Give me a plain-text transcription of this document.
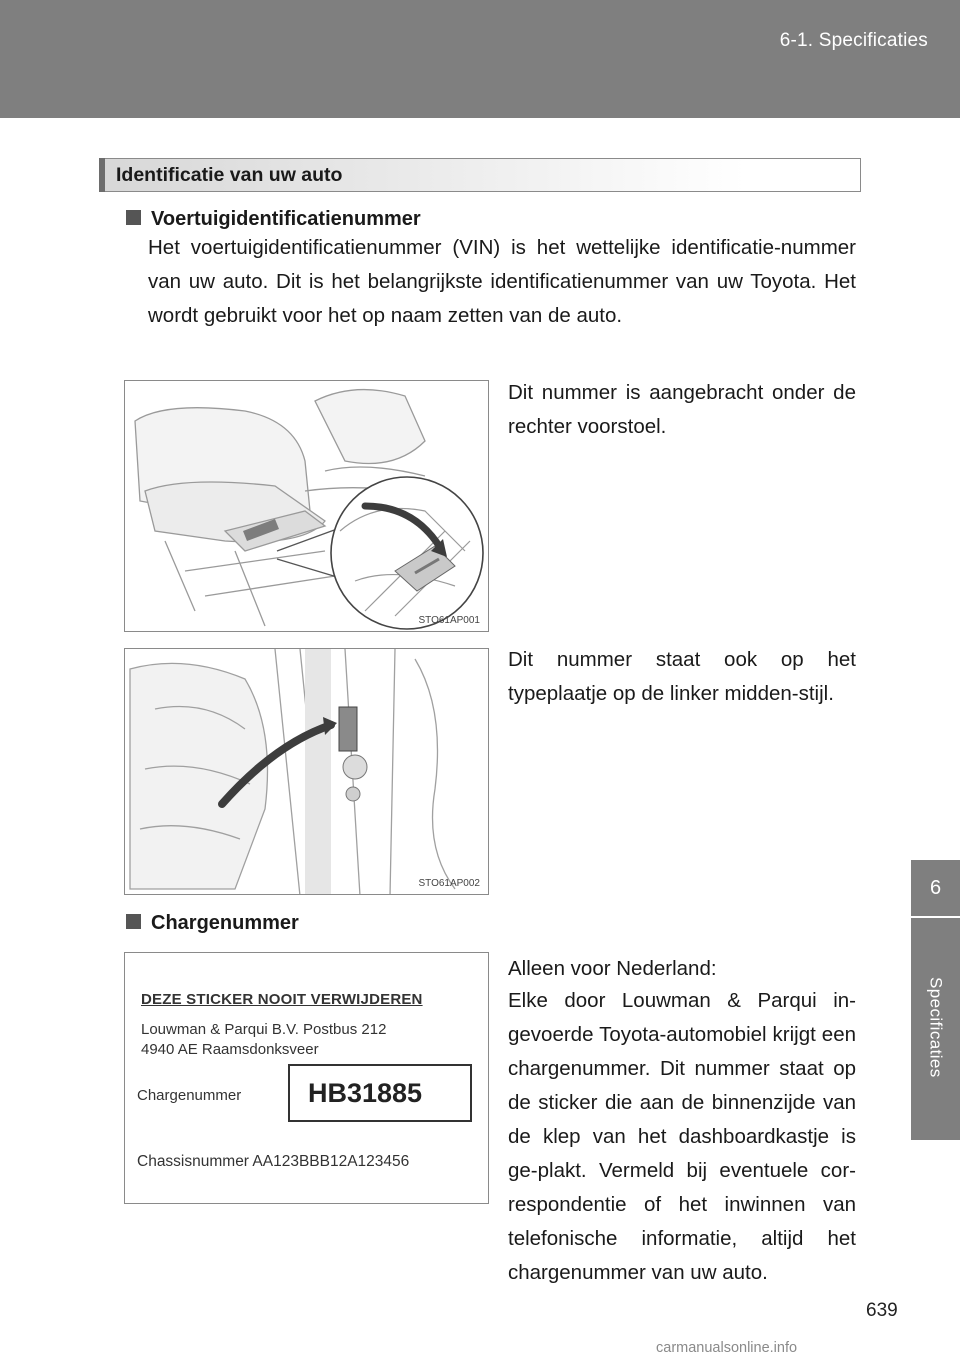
6-1. Specificaties
6
Specificaties
Identificatie van uw auto
Voertuigidentificatienummer
Het voertuigidentificatienummer (VIN) is het wettelijke identificatie-nummer van uw auto. Dit is het belangrijkste identificatienummer van uw Toyota. Het wordt gebruikt voor het op naam zetten van de auto.
STO61AP001
Dit nummer is aangebracht onder de rechter voorstoel.
STO61AP002
Dit nummer staat ook op het typeplaatje op de linker midden-stijl.
Chargenummer
DEZE STICKER NOOIT VERWIJDEREN
Louwman & Parqui B.V. Postbus 212
4940 AE Raamsdonksveer
Chargenummer	HB31885
Chassisnummer AA123BBB12A123456
Alleen voor Nederland:
Elke door Louwman & Parqui in-gevoerde Toyota-automobiel krijgt een chargenummer. Dit nummer staat op de sticker die aan de binnenzijde van de klep van het dashboardkastje is ge-plakt. Vermeld bij eventuele cor-respondentie of het inwinnen van telefonische informatie, altijd het chargenummer van uw auto.
639
carmanualsonline.info
